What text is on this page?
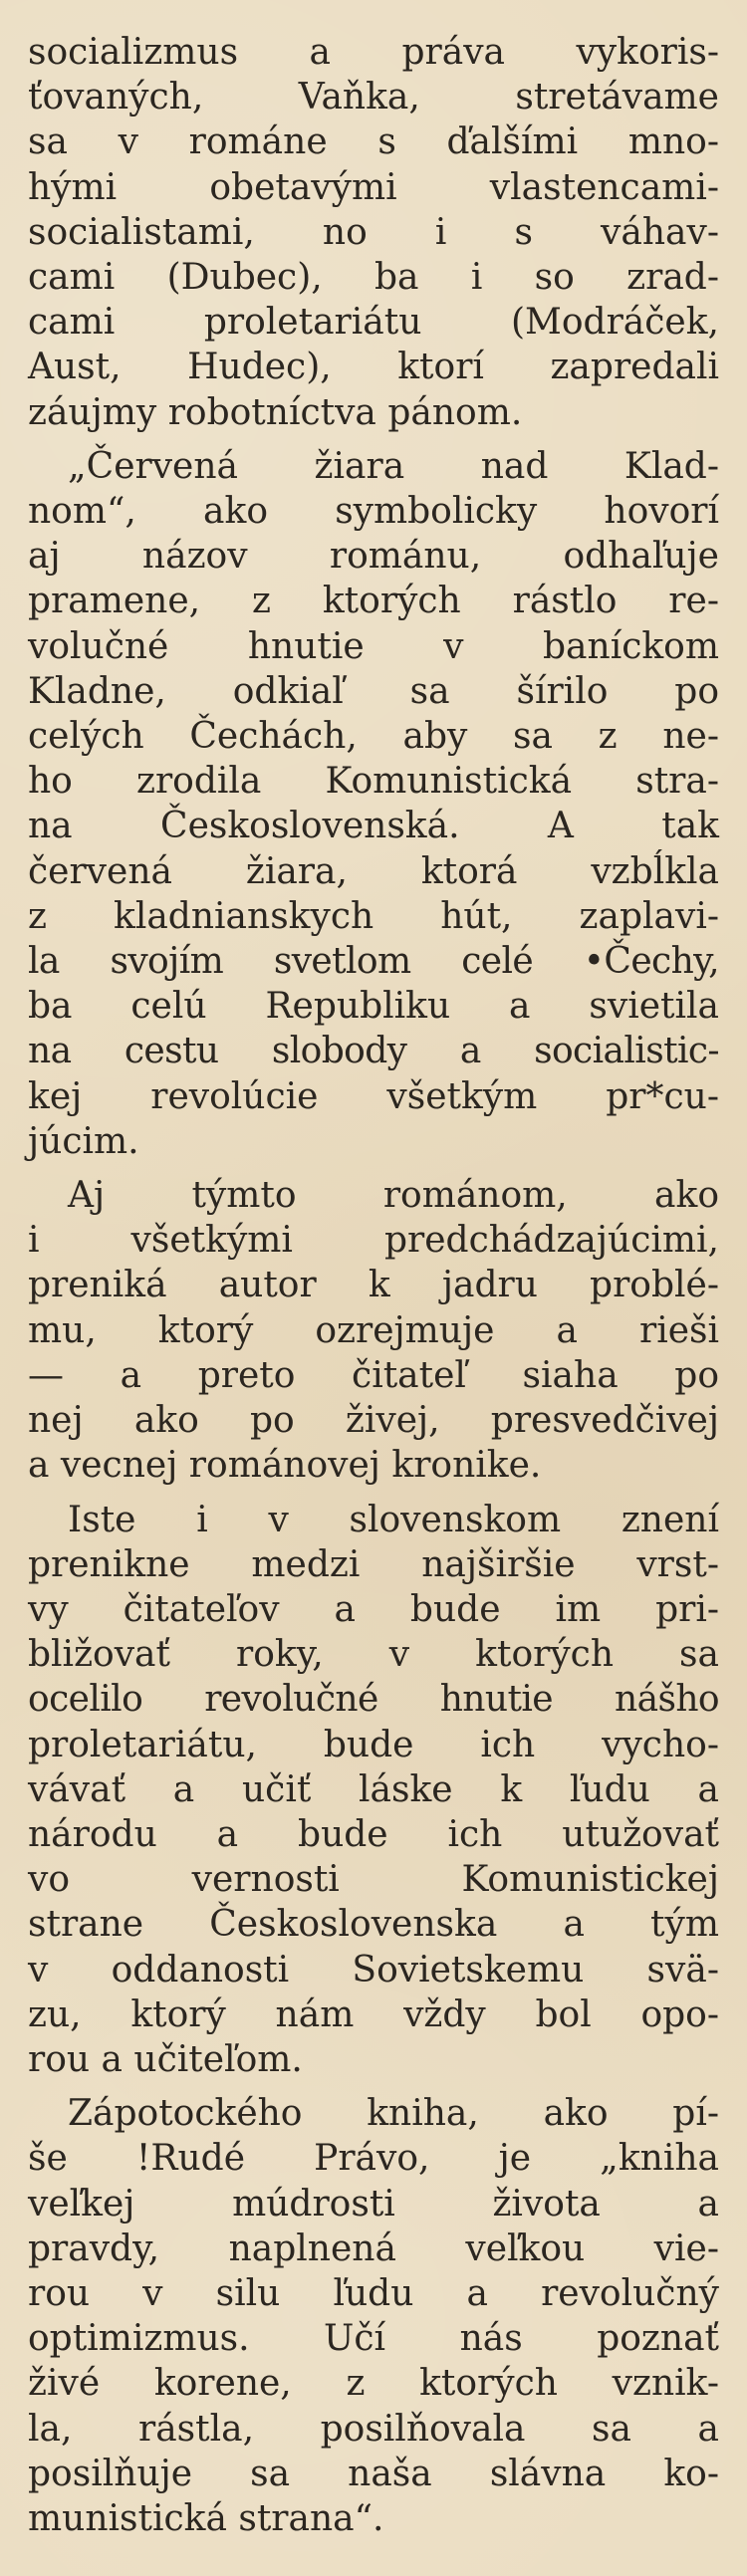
socializmus a práva vykoris-
ťovaných, Vaňka, stretávame
sa v románe s ďalšími mno-
hými obetavými vlastencami-
socialistami, no i s váhav-
cami (Dubec), ba i so zrad-
cami proletariátu (Modráček,
Aust, Hudec), ktorí zapredali
záujmy robotníctva pánom.
„Červená žiara nad Klad-
nom“, ako symbolicky hovorí
aj názov románu, odhaľuje
pramene, z ktorých rástlo re-
volučné hnutie v baníckom
Kladne, odkiaľ sa šírilo po
celých Čechách, aby sa z ne-
ho zrodila Komunistická stra-
na Československá. A tak
červená žiara, ktorá vzbĺkla
z kladnianskych hút, zaplavi-
la svojím svetlom celé •Čechy,
ba celú Republiku a svietila
na cestu slobody a socialistic-
kej revolúcie všetkým pr*cu-
júcim.
Aj týmto románom, ako
i všetkými predchádzajúcimi,
preniká autor k jadru problé-
mu, ktorý ozrejmuje a rieši
— a preto čitateľ siaha po
nej ako po živej, presvedčivej
a vecnej románovej kronike.
Iste i v slovenskom znení
prenikne medzi najširšie vrst-
vy čitateľov a bude im pri-
bližovať roky, v ktorých sa
ocelilo revolučné hnutie nášho
proletariátu, bude ich vycho-
vávať a učiť láske k ľudu a
národu a bude ich utužovať
vo vernosti Komunistickej
strane Československa a tým
v oddanosti Sovietskemu svä-
zu, ktorý nám vždy bol opo-
rou a učiteľom.
Zápotockého kniha, ako pí-
še !Rudé Právo, je „kniha
veľkej múdrosti života a
pravdy, naplnená veľkou vie-
rou v silu ľudu a revolučný
optimizmus. Učí nás poznať
živé korene, z ktorých vznik-
la, rástla, posilňovala sa a
posilňuje sa naša slávna ko-
munistická strana“.
